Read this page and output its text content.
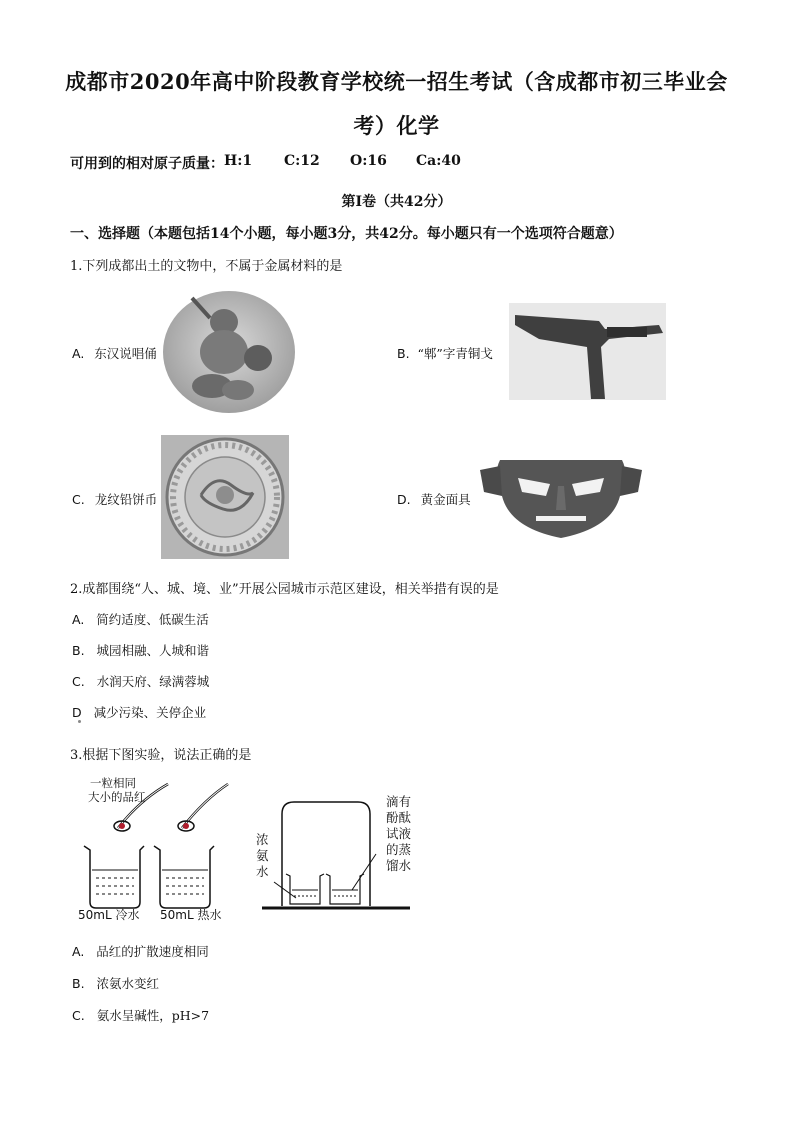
成都市2020年高中阶段教育学校统一招生考试（含成都市初三毕业会
考）化学
可用到的相对原子质量： H:1	C:12	O:16	Ca:40
第Ⅰ卷（共42分）
一、选择题（本题包括14个小题，每小题3分，共42分。每小题只有一个选项符合题意）
1.下列成都出土的文物中，不属于金属材料的是
A. 东汉说唱俑	B. “郫”字青铜戈
C. 龙纹铅饼币	D. 黄金面具
2.成都围绕“人、城、境、业”开展公园城市示范区建设，相关举措有误的是
A. 简约适度、低碳生活
B. 城园相融、人城和谐
C. 水润天府、绿满蓉城
D 减少污染、关停企业
3.根据下图实验，说法正确的是
一粒相同
大小的品红
50mL 冷水 50mL 热水
浓
氨
水
滴有
酚酞
试液
的蒸
馏水
A. 品红的扩散速度相同
B. 浓氨水变红
C. 氨水呈碱性，pH>7
